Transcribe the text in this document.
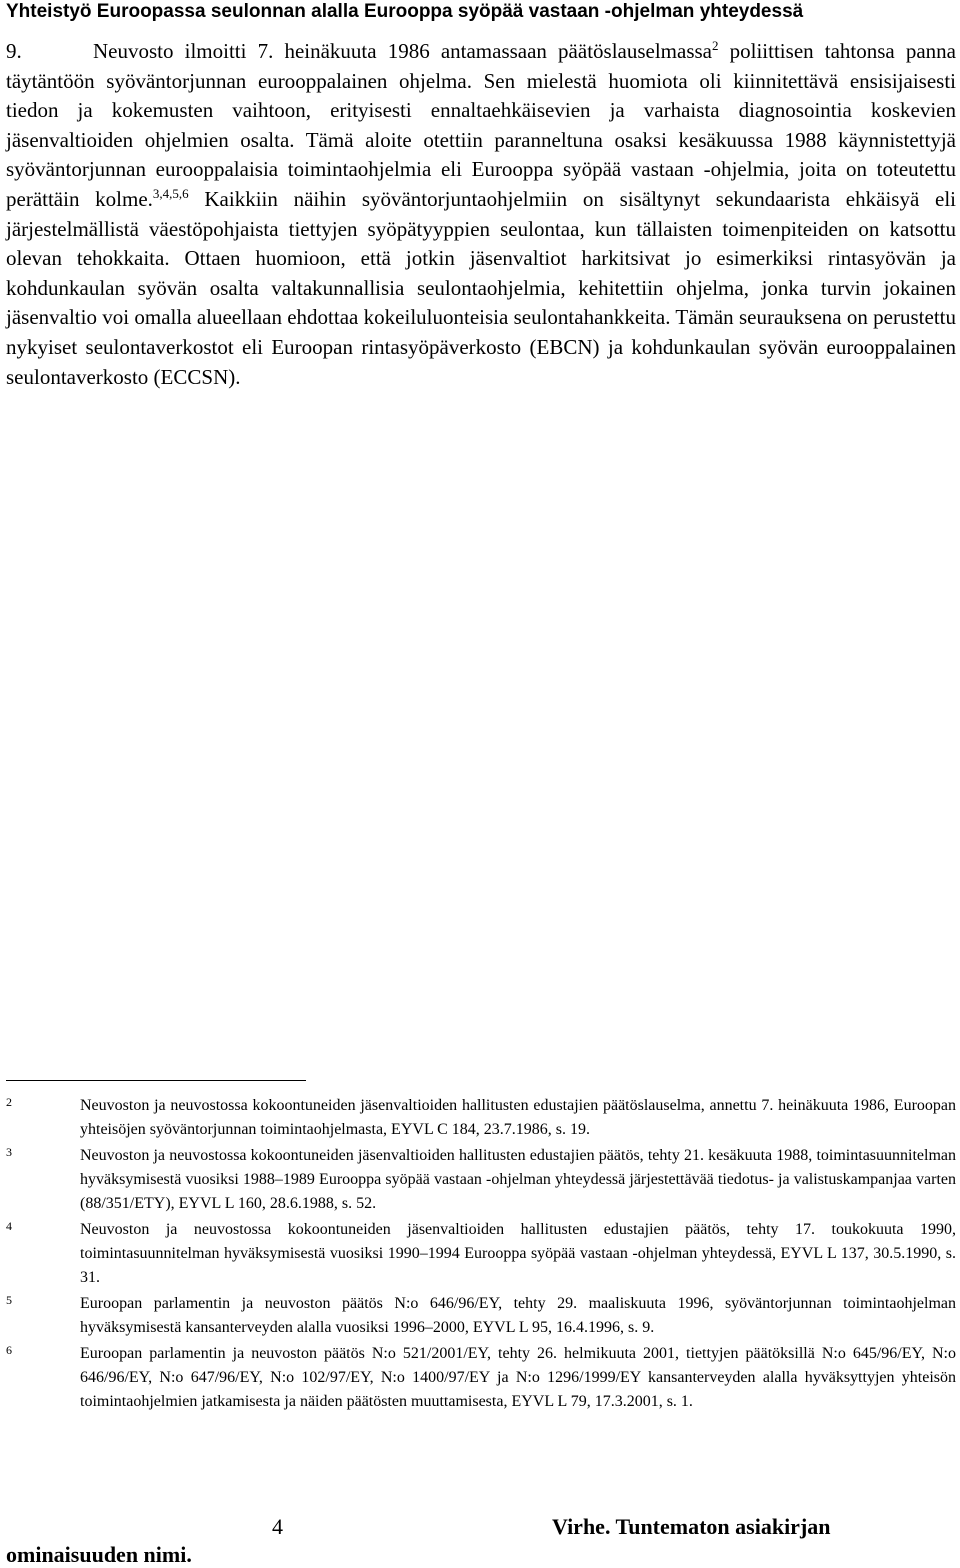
Yhteistyö Euroopassa seulonnan alalla Eurooppa syöpää vastaan -ohjelman yhteydessä
9.	Neuvosto ilmoitti 7. heinäkuuta 1986 antamassaan päätöslauselmassa$^2$ poliittisen tahtonsa panna täytäntöön syöväntorjunnan eurooppalainen ohjelma. Sen mielestä huomiota oli kiinnitettävä ensisijaisesti tiedon ja kokemusten vaihtoon, erityisesti ennaltaehkäisevien ja varhaista diagnosointia koskevien jäsenvaltioiden ohjelmien osalta. Tämä aloite otettiin paranneltuna osaksi kesäkuussa 1988 käynnistettyjä syöväntorjunnan eurooppalaisia toimintaohjelmia eli Eurooppa syöpää vastaan -ohjelmia, joita on toteutettu perättäin kolme.$^{3,4,5,6}$ Kaikkiin näihin syöväntorjuntaohjelmiin on sisältynyt sekundaarista ehkäisyä eli järjestelmällistä väestöpohjaista tiettyjen syöpätyyppien seulontaa, kun tällaisten toimenpiteiden on katsottu olevan tehokkaita. Ottaen huomioon, että jotkin jäsenvaltiot harkitsivat jo esimerkiksi rintasyövän ja kohdunkaulan syövän osalta valtakunnallisia seulontaohjelmia, kehitettiin ohjelma, jonka turvin jokainen jäsenvaltio voi omalla alueellaan ehdottaa kokeiluluonteisia seulontahankkeita. Tämän seurauksena on perustettu nykyiset seulontaverkostot eli Euroopan rintasyöpäverkosto (EBCN) ja kohdunkaulan syövän eurooppalainen seulontaverkosto (ECCSN).
2	Neuvoston ja neuvostossa kokoontuneiden jäsenvaltioiden hallitusten edustajien päätöslauselma, annettu 7. heinäkuuta 1986, Euroopan yhteisöjen syöväntorjunnan toimintaohjelmasta, EYVL C 184, 23.7.1986, s. 19.
3	Neuvoston ja neuvostossa kokoontuneiden jäsenvaltioiden hallitusten edustajien päätös, tehty 21. kesäkuuta 1988, toimintasuunnitelman hyväksymisestä vuosiksi 1988–1989 Eurooppa syöpää vastaan -ohjelman yhteydessä järjestettävää tiedotus- ja valistuskampanjaa varten (88/351/ETY), EYVL L 160, 28.6.1988, s. 52.
4	Neuvoston ja neuvostossa kokoontuneiden jäsenvaltioiden hallitusten edustajien päätös, tehty 17. toukokuuta 1990, toimintasuunnitelman hyväksymisestä vuosiksi 1990–1994 Eurooppa syöpää vastaan -ohjelman yhteydessä, EYVL L 137, 30.5.1990, s. 31.
5	Euroopan parlamentin ja neuvoston päätös N:o 646/96/EY, tehty 29. maaliskuuta 1996, syöväntorjunnan toimintaohjelman hyväksymisestä kansanterveyden alalla vuosiksi 1996–2000, EYVL L 95, 16.4.1996, s. 9.
6	Euroopan parlamentin ja neuvoston päätös N:o 521/2001/EY, tehty 26. helmikuuta 2001, tiettyjen päätöksillä N:o 645/96/EY, N:o 646/96/EY, N:o 647/96/EY, N:o 102/97/EY, N:o 1400/97/EY ja N:o 1296/1999/EY kansanterveyden alalla hyväksyttyjen yhteisön toimintaohjelmien jatkamisesta ja näiden päätösten muuttamisesta, EYVL L 79, 17.3.2001, s. 1.
4	Virhe. Tuntematon asiakirjan
ominaisuuden nimi.
